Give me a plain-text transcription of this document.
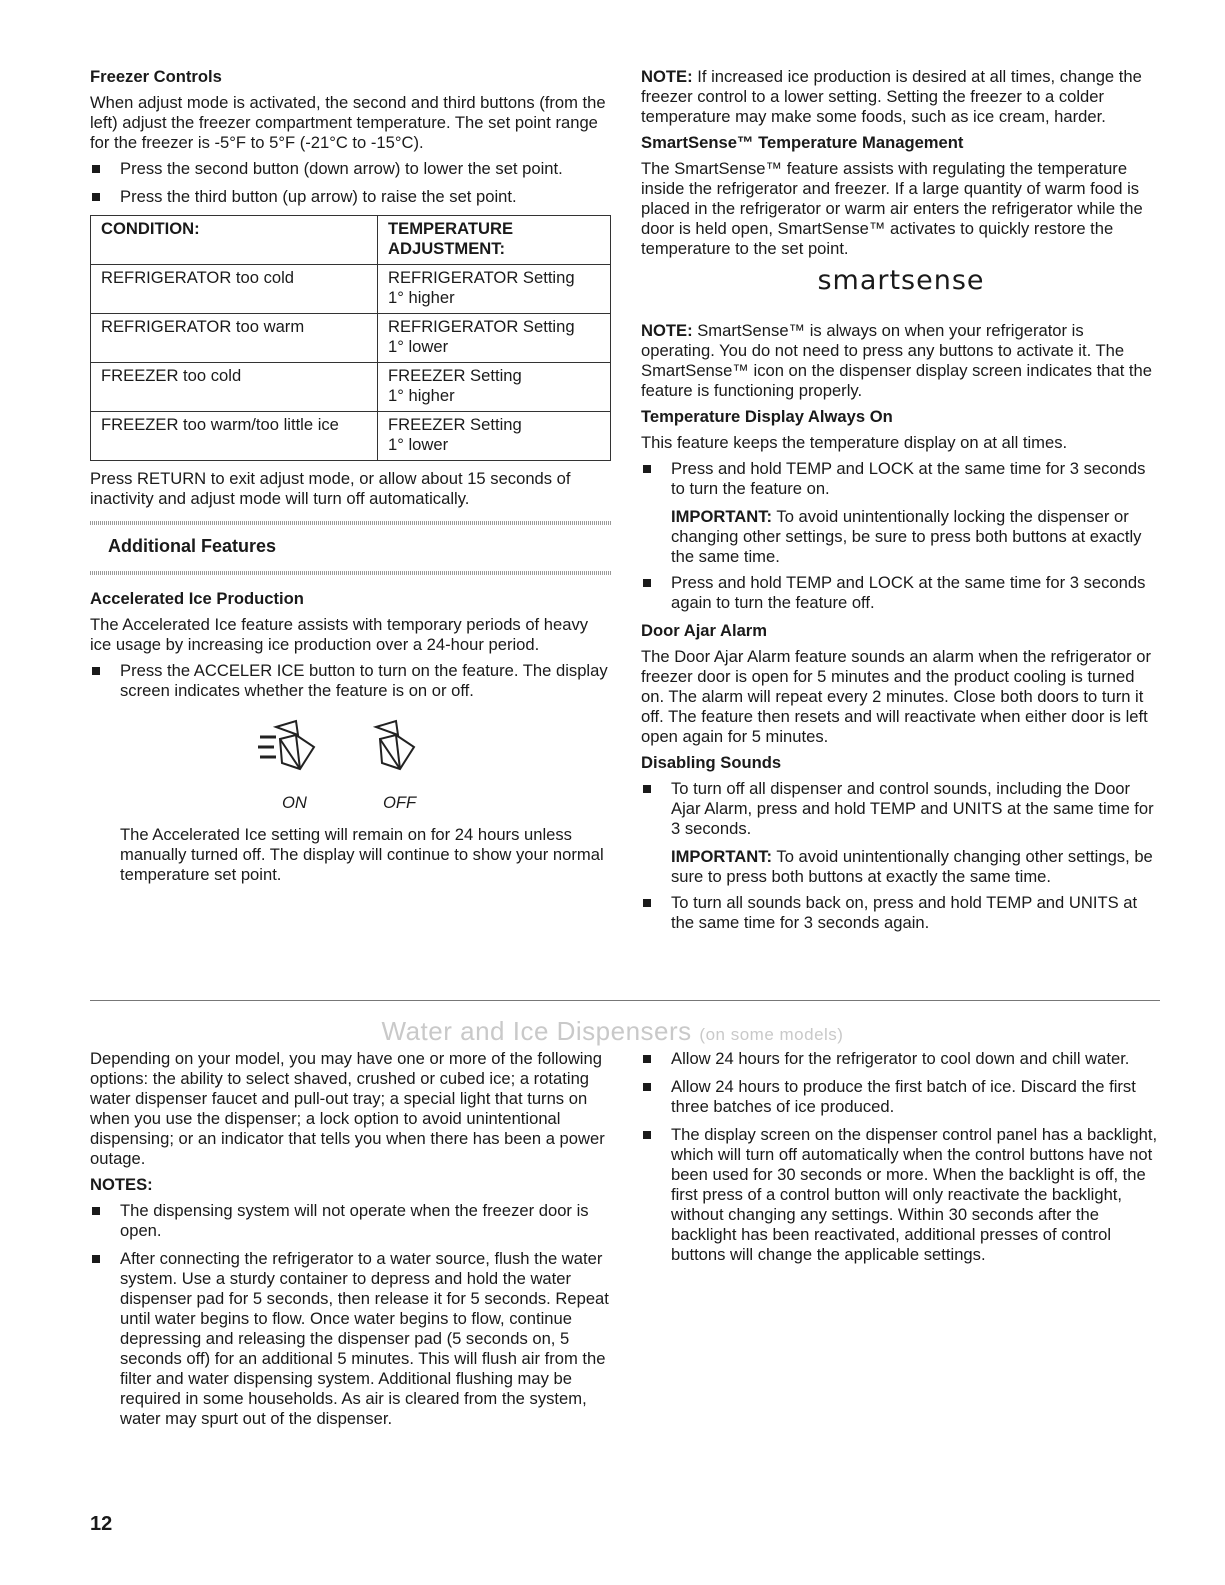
Freezer Controls

When adjust mode is activated, the second and third buttons (from the left) adjust the freezer compartment temperature. The set point range for the freezer is -5°F to 5°F (-21°C to -15°C).

Press the second button (down arrow) to lower the set point.
Press the third button (up arrow) to raise the set point.
CONDITION:	TEMPERATURE ADJUSTMENT:
REFRIGERATOR too cold	REFRIGERATOR Setting
1° higher
REFRIGERATOR too warm	REFRIGERATOR Setting
1° lower
FREEZER too cold	FREEZER Setting
1° higher
FREEZER too warm/too little ice	FREEZER Setting
1° lower

Press RETURN to exit adjust mode, or allow about 15 seconds of inactivity and adjust mode will turn off automatically.

Additional Features
Accelerated Ice Production

The Accelerated Ice feature assists with temporary periods of heavy ice usage by increasing ice production over a 24-hour period.

Press the ACCELER ICE button to turn on the feature. The display screen indicates whether the feature is on or off.
ON	OFF

The Accelerated Ice setting will remain on for 24 hours unless manually turned off. The display will continue to show your normal temperature set point.

NOTE: If increased ice production is desired at all times, change the freezer control to a lower setting. Setting the freezer to a colder temperature may make some foods, such as ice cream, harder.

SmartSense™ Temperature Management

The SmartSense™ feature assists with regulating the temperature inside the refrigerator and freezer. If a large quantity of warm food is placed in the refrigerator or warm air enters the refrigerator while the door is held open, SmartSense™ activates to quickly restore the temperature to the set point.

smartsense

NOTE: SmartSense™ is always on when your refrigerator is operating. You do not need to press any buttons to activate it. The SmartSense™ icon on the dispenser display screen indicates that the feature is functioning properly.

Temperature Display Always On

This feature keeps the temperature display on at all times.

Press and hold TEMP and LOCK at the same time for 3 seconds to turn the feature on.

IMPORTANT: To avoid unintentionally locking the dispenser or changing other settings, be sure to press both buttons at exactly the same time.

Press and hold TEMP and LOCK at the same time for 3 seconds again to turn the feature off.
Door Ajar Alarm

The Door Ajar Alarm feature sounds an alarm when the refrigerator or freezer door is open for 5 minutes and the product cooling is turned on. The alarm will repeat every 2 minutes. Close both doors to turn it off. The feature then resets and will reactivate when either door is left open again for 5 minutes.

Disabling Sounds
To turn off all dispenser and control sounds, including the Door Ajar Alarm, press and hold TEMP and UNITS at the same time for 3 seconds.

IMPORTANT: To avoid unintentionally changing other settings, be sure to press both buttons at exactly the same time.

To turn all sounds back on, press and hold TEMP and UNITS at the same time for 3 seconds again.
Water and Ice Dispensers (on some models)

Depending on your model, you may have one or more of the following options: the ability to select shaved, crushed or cubed ice; a rotating water dispenser faucet and pull-out tray; a special light that turns on when you use the dispenser; a lock option to avoid unintentional dispensing; or an indicator that tells you when there has been a power outage.

NOTES:
The dispensing system will not operate when the freezer door is open.
After connecting the refrigerator to a water source, flush the water system. Use a sturdy container to depress and hold the water dispenser pad for 5 seconds, then release it for 5 seconds. Repeat until water begins to flow. Once water begins to flow, continue depressing and releasing the dispenser pad (5 seconds on, 5 seconds off) for an additional 5 minutes. This will flush air from the filter and water dispensing system. Additional flushing may be required in some households. As air is cleared from the system, water may spurt out of the dispenser.
Allow 24 hours for the refrigerator to cool down and chill water.
Allow 24 hours to produce the first batch of ice. Discard the first three batches of ice produced.
The display screen on the dispenser control panel has a backlight, which will turn off automatically when the control buttons have not been used for 30 seconds or more. When the backlight is off, the first press of a control button will only reactivate the backlight, without changing any settings. Within 30 seconds after the backlight has been reactivated, additional presses of control buttons will change the applicable settings.
12
